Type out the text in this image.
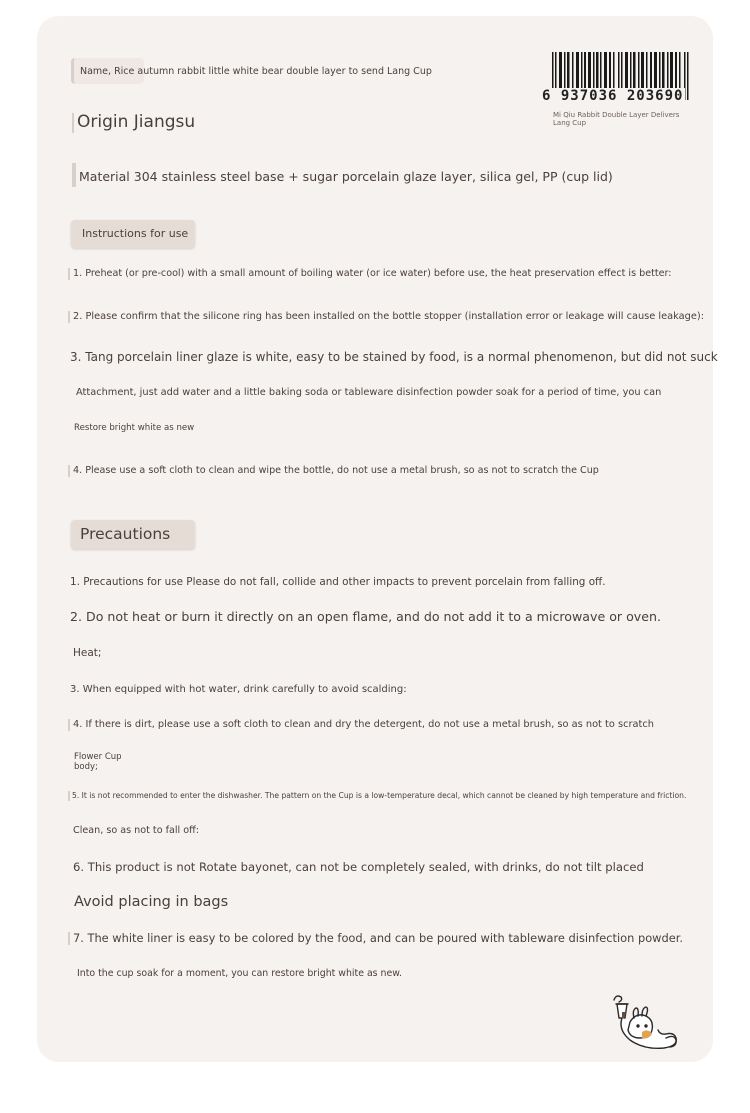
Name, Rice autumn rabbit little white bear double layer to send Lang Cup
Origin Jiangsu
Material 304 stainless steel base + sugar porcelain glaze layer, silica gel, PP (cup lid)
6 937036 203690
Mi Qiu Rabbit Double Layer Delivers Lang Cup
Instructions for use
1. Preheat (or pre-cool) with a small amount of boiling water (or ice water) before use, the heat preservation effect is better:
2. Please confirm that the silicone ring has been installed on the bottle stopper (installation error or leakage will cause leakage):
3. Tang porcelain liner glaze is white, easy to be stained by food, is a normal phenomenon, but did not suck
Attachment, just add water and a little baking soda or tableware disinfection powder soak for a period of time, you can
Restore bright white as new
4. Please use a soft cloth to clean and wipe the bottle, do not use a metal brush, so as not to scratch the Cup
Precautions
1. Precautions for use Please do not fall, collide and other impacts to prevent porcelain from falling off.
2. Do not heat or burn it directly on an open flame, and do not add it to a microwave or oven.
Heat;
3. When equipped with hot water, drink carefully to avoid scalding:
4. If there is dirt, please use a soft cloth to clean and dry the detergent, do not use a metal brush, so as not to scratch
Flower Cup
body;
5. It is not recommended to enter the dishwasher. The pattern on the Cup is a low-temperature decal, which cannot be cleaned by high temperature and friction.
Clean, so as not to fall off:
6. This product is not Rotate bayonet, can not be completely sealed, with drinks, do not tilt placed
Avoid placing in bags
7. The white liner is easy to be colored by the food, and can be poured with tableware disinfection powder.
Into the cup soak for a moment, you can restore bright white as new.
